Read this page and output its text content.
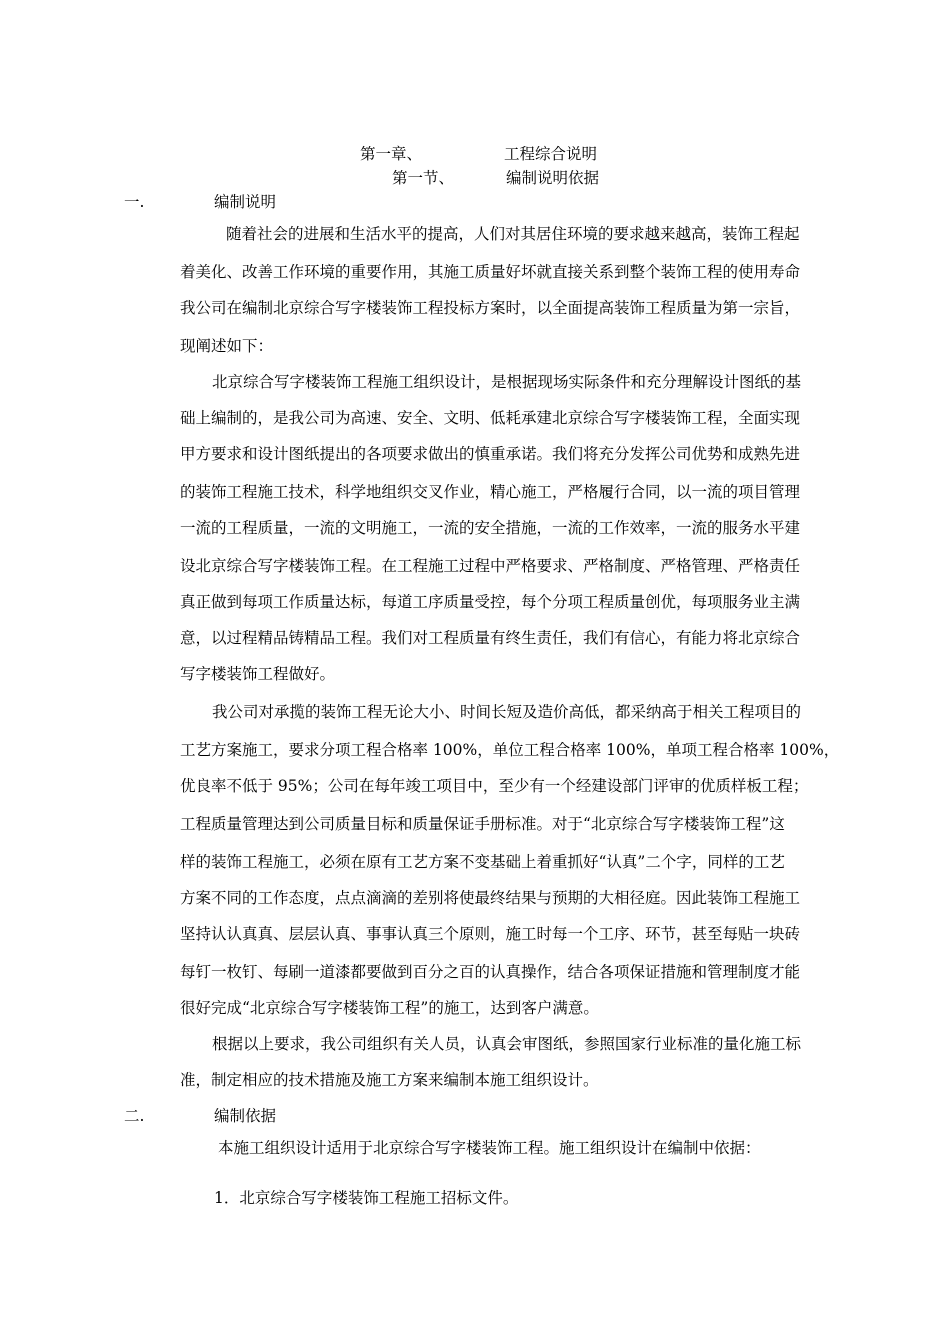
第一章、	工程综合说明
第一节、	编制说明依据
一.	编制说明
随着社会的进展和生活水平的提高，人们对其居住环境的要求越来越高，装饰工程起
着美化、改善工作环境的重要作用，其施工质量好坏就直接关系到整个装饰工程的使用寿命
我公司在编制北京综合写字楼装饰工程投标方案时，以全面提高装饰工程质量为第一宗旨，
现阐述如下：
北京综合写字楼装饰工程施工组织设计，是根据现场实际条件和充分理解设计图纸的基
础上编制的，是我公司为高速、安全、文明、低耗承建北京综合写字楼装饰工程，全面实现
甲方要求和设计图纸提出的各项要求做出的慎重承诺。我们将充分发挥公司优势和成熟先进
的装饰工程施工技术，科学地组织交叉作业，精心施工，严格履行合同，以一流的项目管理
一流的工程质量，一流的文明施工，一流的安全措施，一流的工作效率，一流的服务水平建
设北京综合写字楼装饰工程。在工程施工过程中严格要求、严格制度、严格管理、严格责任
真正做到每项工作质量达标，每道工序质量受控，每个分项工程质量创优，每项服务业主满
意，以过程精品铸精品工程。我们对工程质量有终生责任，我们有信心，有能力将北京综合
写字楼装饰工程做好。
我公司对承揽的装饰工程无论大小、时间长短及造价高低，都采纳高于相关工程项目的
工艺方案施工，要求分项工程合格率 100%，单位工程合格率 100%，单项工程合格率 100%，
优良率不低于 95%；公司在每年竣工项目中，至少有一个经建设部门评审的优质样板工程；
工程质量管理达到公司质量目标和质量保证手册标准。对于“北京综合写字楼装饰工程”这
样的装饰工程施工，必须在原有工艺方案不变基础上着重抓好“认真”二个字，同样的工艺
方案不同的工作态度，点点滴滴的差别将使最终结果与预期的大相径庭。因此装饰工程施工
坚持认认真真、层层认真、事事认真三个原则，施工时每一个工序、环节，甚至每贴一块砖
每钉一枚钉、每刷一道漆都要做到百分之百的认真操作，结合各项保证措施和管理制度才能
很好完成“北京综合写字楼装饰工程”的施工，达到客户满意。
根据以上要求，我公司组织有关人员，认真会审图纸，参照国家行业标准的量化施工标
准，制定相应的技术措施及施工方案来编制本施工组织设计。
二.	编制依据
本施工组织设计适用于北京综合写字楼装饰工程。施工组织设计在编制中依据：
1．北京综合写字楼装饰工程施工招标文件。
